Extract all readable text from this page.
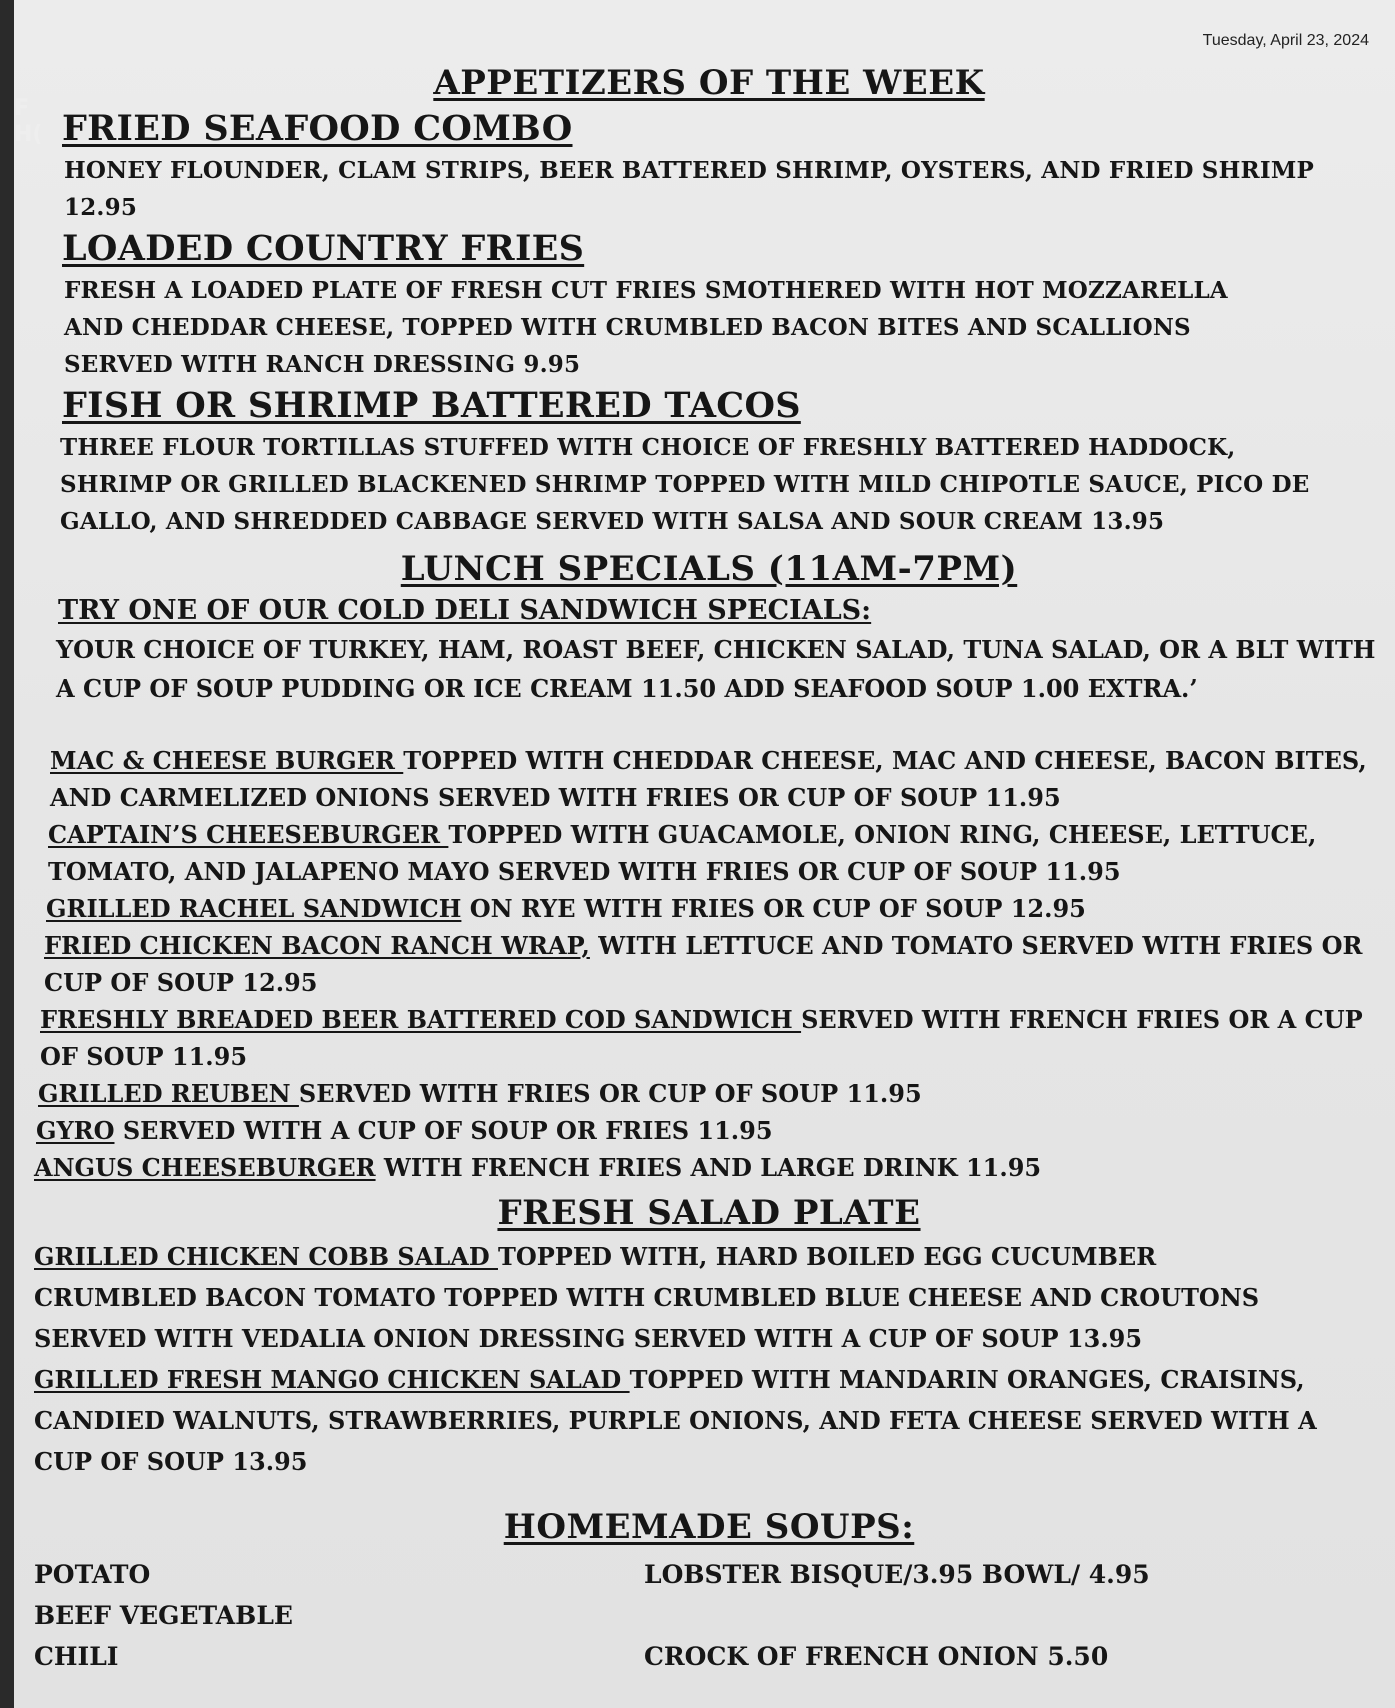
F
H(
Tuesday, April 23, 2024
APPETIZERS OF THE WEEK
FRIED SEAFOOD COMBO
HONEY FLOUNDER, CLAM STRIPS, BEER BATTERED SHRIMP, OYSTERS, AND FRIED SHRIMP 12.95
LOADED COUNTRY FRIES
FRESH A LOADED PLATE OF FRESH CUT FRIES SMOTHERED WITH HOT MOZZARELLA AND CHEDDAR CHEESE, TOPPED WITH CRUMBLED BACON BITES AND SCALLIONS SERVED WITH RANCH DRESSING 9.95
FISH OR SHRIMP BATTERED TACOS
THREE FLOUR TORTILLAS STUFFED WITH CHOICE OF FRESHLY BATTERED HADDOCK, SHRIMP OR GRILLED BLACKENED SHRIMP TOPPED WITH MILD CHIPOTLE SAUCE, PICO DE GALLO, AND SHREDDED CABBAGE SERVED WITH SALSA AND SOUR CREAM 13.95
LUNCH SPECIALS (11AM-7PM)
TRY ONE OF OUR COLD DELI SANDWICH SPECIALS:
YOUR CHOICE OF TURKEY, HAM, ROAST BEEF, CHICKEN SALAD, TUNA SALAD, OR A BLT WITH A CUP OF SOUP PUDDING OR ICE CREAM 11.50 ADD SEAFOOD SOUP 1.00 EXTRA.’
MAC & CHEESE BURGER TOPPED WITH CHEDDAR CHEESE, MAC AND CHEESE, BACON BITES, AND CARMELIZED ONIONS SERVED WITH FRIES OR CUP OF SOUP 11.95
CAPTAIN’S CHEESEBURGER TOPPED WITH GUACAMOLE, ONION RING, CHEESE, LETTUCE, TOMATO, AND JALAPENO MAYO SERVED WITH FRIES OR CUP OF SOUP 11.95
GRILLED RACHEL SANDWICH ON RYE WITH FRIES OR CUP OF SOUP 12.95
FRIED CHICKEN BACON RANCH WRAP, WITH LETTUCE AND TOMATO SERVED WITH FRIES OR CUP OF SOUP 12.95
FRESHLY BREADED BEER BATTERED COD SANDWICH SERVED WITH FRENCH FRIES OR A CUP OF SOUP 11.95
GRILLED REUBEN SERVED WITH FRIES OR CUP OF SOUP 11.95
GYRO SERVED WITH A CUP OF SOUP OR FRIES 11.95
ANGUS CHEESEBURGER WITH FRENCH FRIES AND LARGE DRINK 11.95
FRESH SALAD PLATE
GRILLED CHICKEN COBB SALAD TOPPED WITH, HARD BOILED EGG CUCUMBER CRUMBLED BACON TOMATO TOPPED WITH CRUMBLED BLUE CHEESE AND CROUTONS SERVED WITH VEDALIA ONION DRESSING SERVED WITH A CUP OF SOUP 13.95
GRILLED FRESH MANGO CHICKEN SALAD TOPPED WITH MANDARIN ORANGES, CRAISINS, CANDIED WALNUTS, STRAWBERRIES, PURPLE ONIONS, AND FETA CHEESE SERVED WITH A CUP OF SOUP 13.95
HOMEMADE SOUPS:
POTATO
BEEF VEGETABLE
CHILI
LOBSTER BISQUE/3.95 BOWL/ 4.95
CROCK OF FRENCH ONION 5.50
